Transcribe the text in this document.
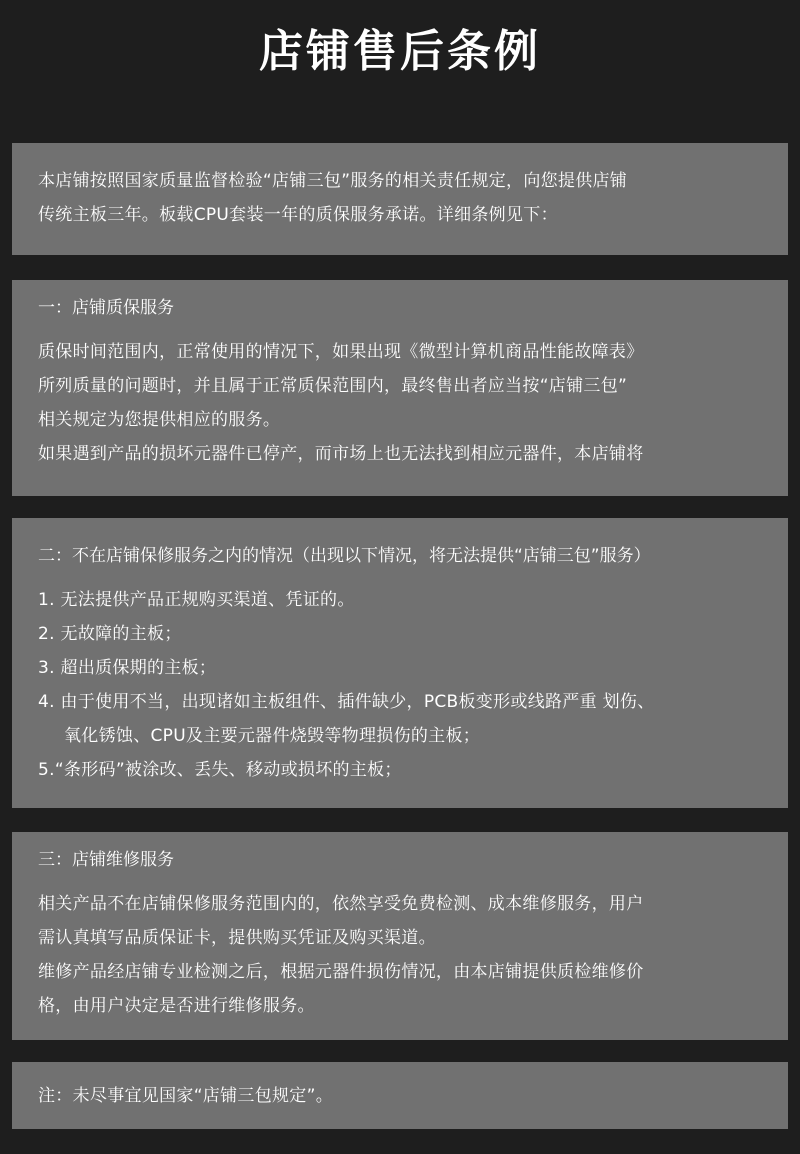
店铺售后条例
本店铺按照国家质量监督检验“店铺三包”服务的相关责任规定，向您提供店铺
传统主板三年。板载CPU套装一年的质保服务承诺。详细条例见下：
一：店铺质保服务
质保时间范围内，正常使用的情况下，如果出现《微型计算机商品性能故障表》
所列质量的问题时，并且属于正常质保范围内，最终售出者应当按“店铺三包”
相关规定为您提供相应的服务。
如果遇到产品的损坏元器件已停产，而市场上也无法找到相应元器件，本店铺将
二：不在店铺保修服务之内的情况（出现以下情况，将无法提供“店铺三包”服务）
1. 无法提供产品正规购买渠道、凭证的。
2. 无故障的主板；
3. 超出质保期的主板；
4. 由于使用不当，出现诸如主板组件、插件缺少，PCB板变形或线路严重 划伤、
氧化锈蚀、CPU及主要元器件烧毁等物理损伤的主板；
5.“条形码”被涂改、丢失、移动或损坏的主板；
三：店铺维修服务
相关产品不在店铺保修服务范围内的，依然享受免费检测、成本维修服务，用户
需认真填写品质保证卡，提供购买凭证及购买渠道。
维修产品经店铺专业检测之后，根据元器件损伤情况，由本店铺提供质检维修价
格，由用户决定是否进行维修服务。
注：未尽事宜见国家“店铺三包规定”。
